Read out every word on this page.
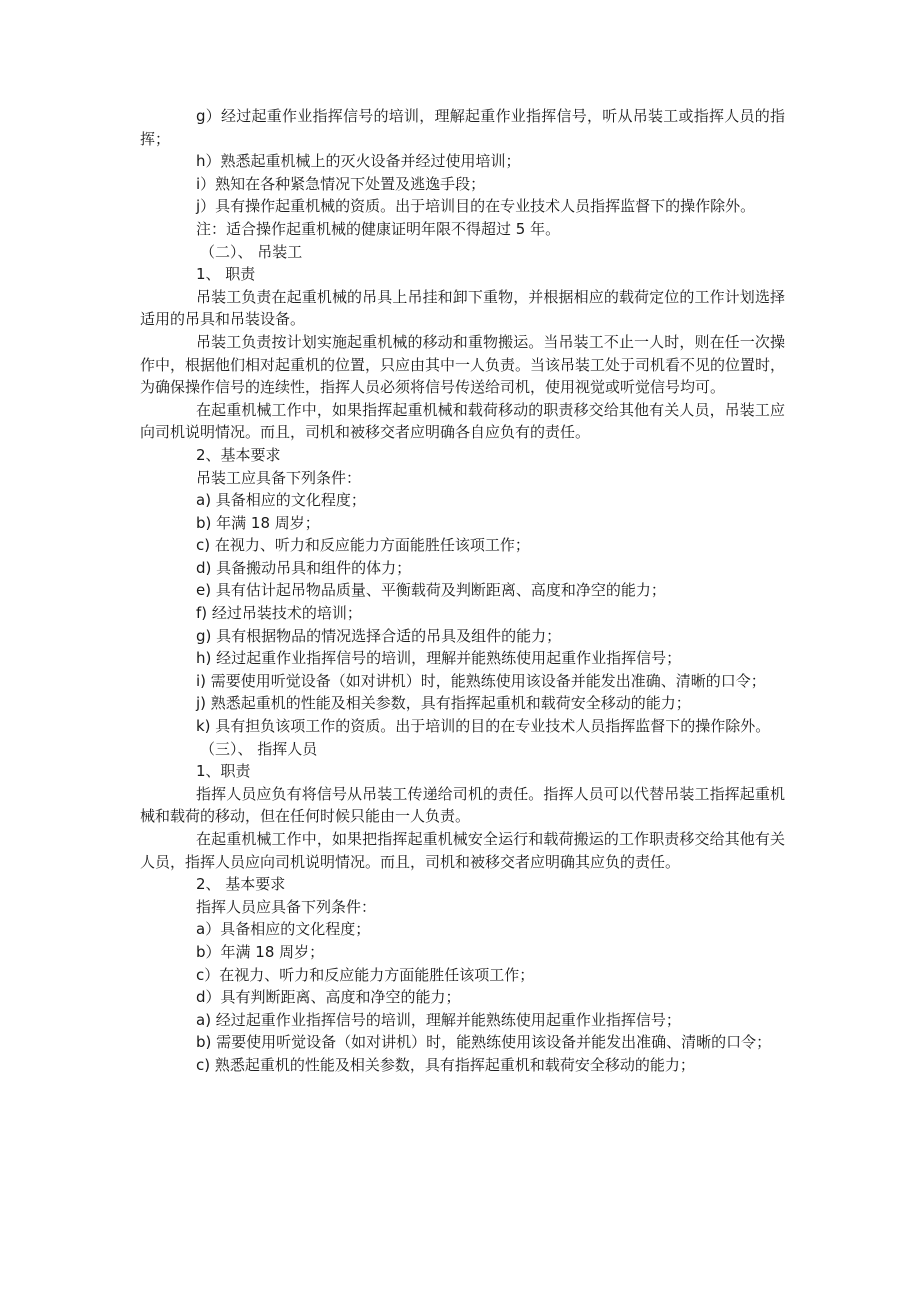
g）经过起重作业指挥信号的培训，理解起重作业指挥信号，听从吊装工或指挥人员的指挥；

h）熟悉起重机械上的灭火设备并经过使用培训；

i）熟知在各种紧急情况下处置及逃逸手段；

j）具有操作起重机械的资质。出于培训目的在专业技术人员指挥监督下的操作除外。

注：适合操作起重机械的健康证明年限不得超过 5 年。

（二）、 吊装工

1、 职责

吊装工负责在起重机械的吊具上吊挂和卸下重物，并根据相应的载荷定位的工作计划选择适用的吊具和吊装设备。

吊装工负责按计划实施起重机械的移动和重物搬运。当吊装工不止一人时，则在任一次操作中，根据他们相对起重机的位置，只应由其中一人负责。当该吊装工处于司机看不见的位置时，为确保操作信号的连续性，指挥人员必须将信号传送给司机，使用视觉或听觉信号均可。

在起重机械工作中，如果指挥起重机械和载荷移动的职责移交给其他有关人员，吊装工应向司机说明情况。而且，司机和被移交者应明确各自应负有的责任。

2、基本要求

吊装工应具备下列条件：

a) 具备相应的文化程度；

b) 年满 18 周岁；

c) 在视力、听力和反应能力方面能胜任该项工作；

d) 具备搬动吊具和组件的体力；

e) 具有估计起吊物品质量、平衡载荷及判断距离、高度和净空的能力；

f) 经过吊装技术的培训；

g) 具有根据物品的情况选择合适的吊具及组件的能力；

h) 经过起重作业指挥信号的培训，理解并能熟练使用起重作业指挥信号；

i) 需要使用听觉设备（如对讲机）时，能熟练使用该设备并能发出准确、清晰的口令；

j) 熟悉起重机的性能及相关参数，具有指挥起重机和载荷安全移动的能力；

k) 具有担负该项工作的资质。出于培训的目的在专业技术人员指挥监督下的操作除外。

（三）、 指挥人员

1、职责

指挥人员应负有将信号从吊装工传递给司机的责任。指挥人员可以代替吊装工指挥起重机械和载荷的移动，但在任何时候只能由一人负责。

在起重机械工作中，如果把指挥起重机械安全运行和载荷搬运的工作职责移交给其他有关人员，指挥人员应向司机说明情况。而且，司机和被移交者应明确其应负的责任。

2、 基本要求

指挥人员应具备下列条件：

a）具备相应的文化程度；

b）年满 18 周岁；

c）在视力、听力和反应能力方面能胜任该项工作；

d）具有判断距离、高度和净空的能力；

a) 经过起重作业指挥信号的培训，理解并能熟练使用起重作业指挥信号；

b) 需要使用听觉设备（如对讲机）时，能熟练使用该设备并能发出准确、清晰的口令；

c) 熟悉起重机的性能及相关参数，具有指挥起重机和载荷安全移动的能力；
